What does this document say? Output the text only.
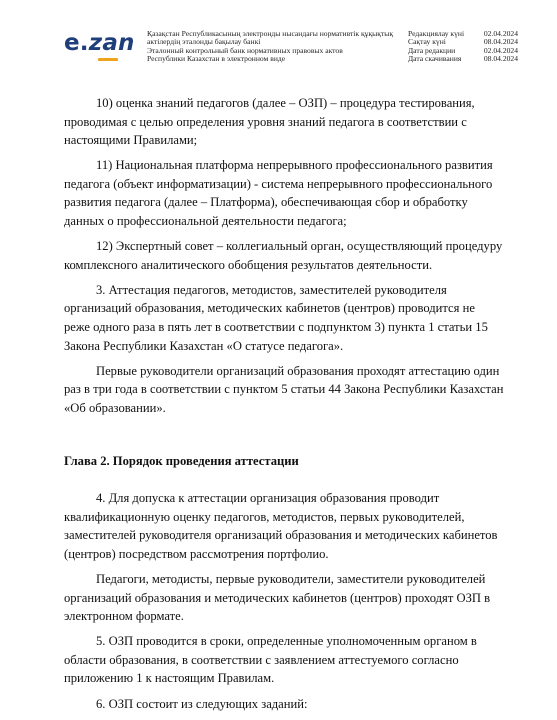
e.zan Қазақстан Республикасының электронды нысандағы нормативтік құқықтық
актілердің эталонды бақылау банкі
Эталонный контрольный банк нормативных правовых актов
Республики Казахстан в электронном виде
Редакциялау күні	02.04.2024
Сақтау күні	08.04.2024
Дата редакции	02.04.2024
Дата скачивания	08.04.2024

10) оценка знаний педагогов (далее – ОЗП) – процедура тестирования, проводимая с целью определения уровня знаний педагога в соответствии с настоящими Правилами;

11) Национальная платформа непрерывного профессионального развития педагога (объект информатизации) - система непрерывного профессионального развития педагога (далее – Платформа), обеспечивающая сбор и обработку данных о профессиональной деятельности педагога;

12) Экспертный совет – коллегиальный орган, осуществляющий процедуру комплексного аналитического обобщения результатов деятельности.

3. Аттестация педагогов, методистов, заместителей руководителя организаций образования, методических кабинетов (центров) проводится не реже одного раза в пять лет в соответствии с подпунктом 3) пункта 1 статьи 15 Закона Республики Казахстан «О статусе педагога».

Первые руководители организаций образования проходят аттестацию один раз в три года в соответствии с пунктом 5 статьи 44 Закона Республики Казахстан «Об образовании».

Глава 2. Порядок проведения аттестации

4. Для допуска к аттестации организация образования проводит квалификационную оценку педагогов, методистов, первых руководителей, заместителей руководителя организаций образования и методических кабинетов (центров) посредством рассмотрения портфолио.

Педагоги, методисты, первые руководители, заместители руководителей организаций образования и методических кабинетов (центров) проходят ОЗП в электронном формате.

5. ОЗП проводится в сроки, определенные уполномоченным органом в области образования, в соответствии с заявлением аттестуемого согласно приложению 1 к настоящим Правилам.

6. ОЗП состоит из следующих заданий:
